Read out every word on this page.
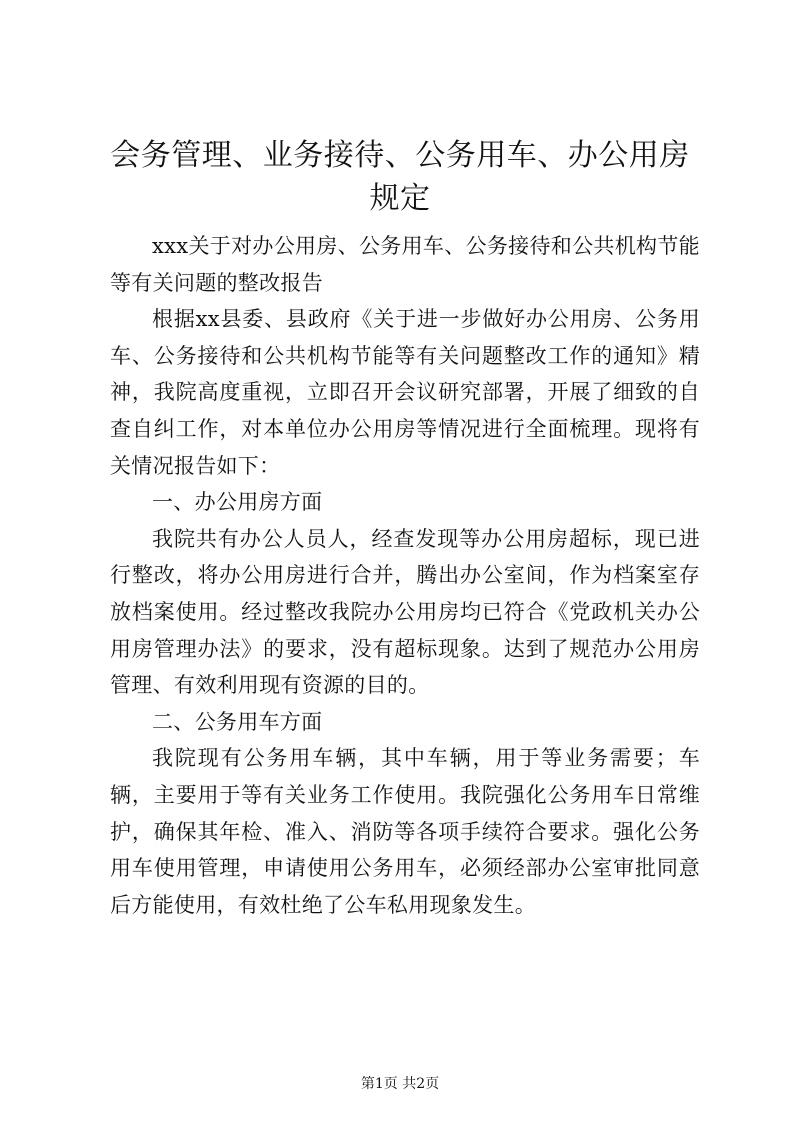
会务管理、业务接待、公务用车、办公用房规定

xxx关于对办公用房、公务用车、公务接待和公共机构节能等有关问题的整改报告

根据xx县委、县政府《关于进一步做好办公用房、公务用车、公务接待和公共机构节能等有关问题整改工作的通知》精神，我院高度重视，立即召开会议研究部署，开展了细致的自查自纠工作，对本单位办公用房等情况进行全面梳理。现将有关情况报告如下：

一、办公用房方面

我院共有办公人员人，经查发现等办公用房超标，现已进行整改，将办公用房进行合并，腾出办公室间，作为档案室存放档案使用。经过整改我院办公用房均已符合《党政机关办公用房管理办法》的要求，没有超标现象。达到了规范办公用房管理、有效利用现有资源的目的。

二、公务用车方面

我院现有公务用车辆，其中车辆，用于等业务需要；车辆，主要用于等有关业务工作使用。我院强化公务用车日常维护，确保其年检、准入、消防等各项手续符合要求。强化公务用车使用管理，申请使用公务用车，必须经部办公室审批同意后方能使用，有效杜绝了公车私用现象发生。

第1页 共2页
